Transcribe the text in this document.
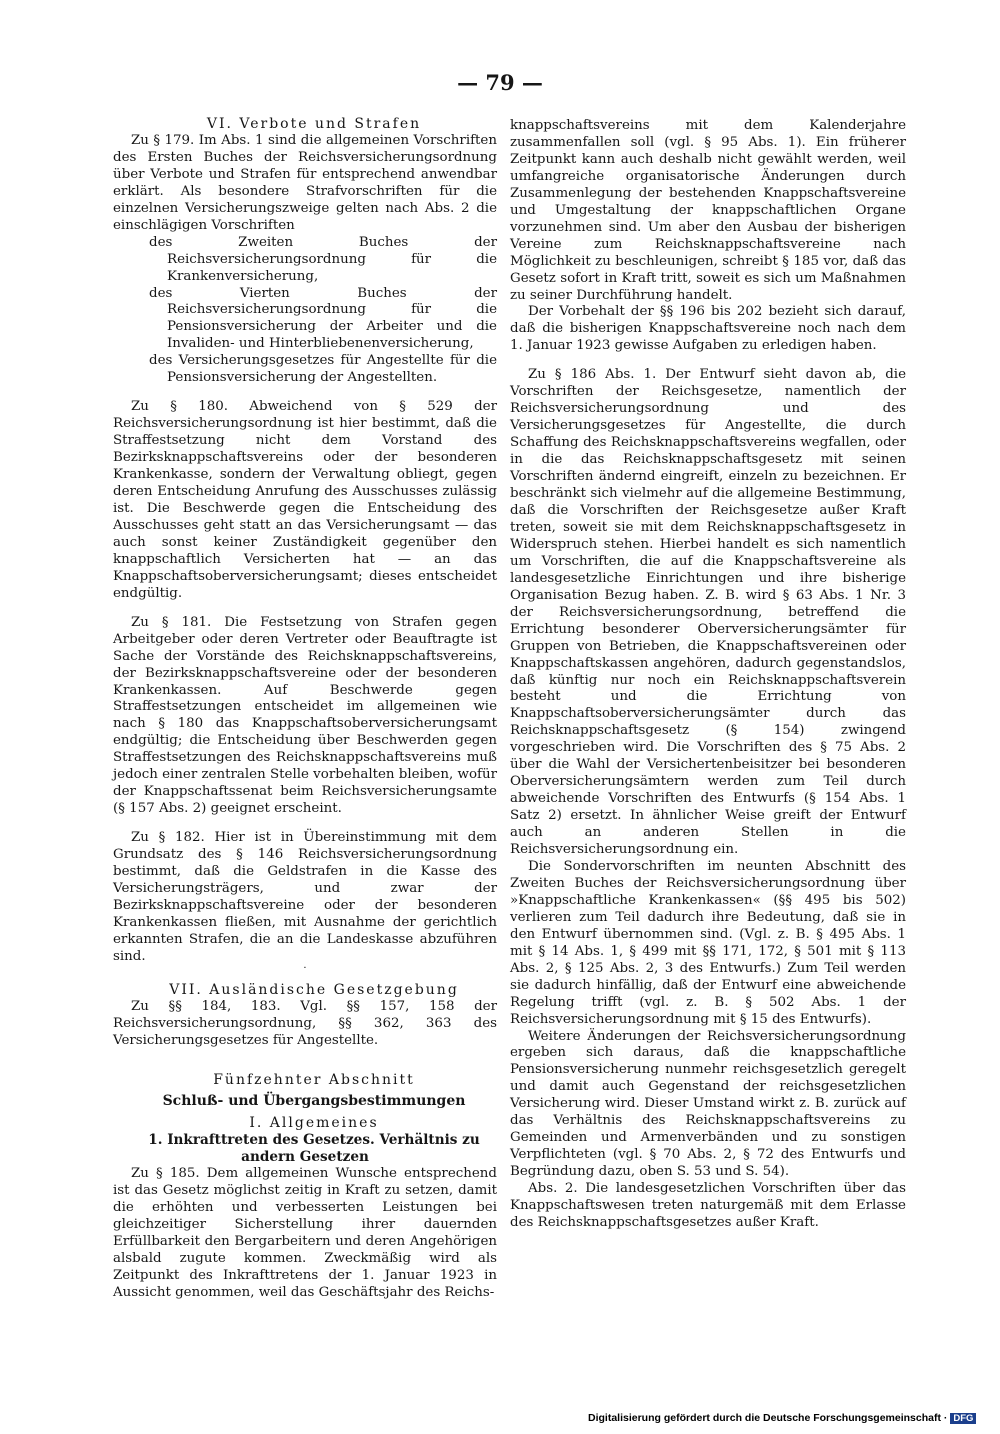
— 79 —

VI. Verbote und Strafen

Zu § 179. Im Abs. 1 sind die allgemeinen Vorschriften des Ersten Buches der Reichsversicherungsordnung über Verbote und Strafen für entsprechend anwendbar erklärt. Als besondere Strafvorschriften für die einzelnen Versicherungszweige gelten nach Abs. 2 die einschlägigen Vorschriften

des Zweiten Buches der Reichsversicherungsordnung für die Krankenversicherung,

des Vierten Buches der Reichsversicherungsordnung für die Pensionsversicherung der Arbeiter und die Invaliden- und Hinterbliebenenversicherung,

des Versicherungsgesetzes für Angestellte für die Pensionsversicherung der Angestellten.

Zu § 180. Abweichend von § 529 der Reichsversicherungsordnung ist hier bestimmt, daß die Straffestsetzung nicht dem Vorstand des Bezirksknappschaftsvereins oder der besonderen Krankenkasse, sondern der Verwaltung obliegt, gegen deren Entscheidung Anrufung des Ausschusses zulässig ist. Die Beschwerde gegen die Entscheidung des Ausschusses geht statt an das Versicherungsamt — das auch sonst keiner Zuständigkeit gegenüber den knappschaftlich Versicherten hat — an das Knappschaftsoberversicherungsamt; dieses entscheidet endgültig.

Zu § 181. Die Festsetzung von Strafen gegen Arbeitgeber oder deren Vertreter oder Beauftragte ist Sache der Vorstände des Reichsknappschaftsvereins, der Bezirksknappschaftsvereine oder der besonderen Krankenkassen. Auf Beschwerde gegen Straffestsetzungen entscheidet im allgemeinen wie nach § 180 das Knappschaftsoberversicherungsamt endgültig; die Entscheidung über Beschwerden gegen Straffestsetzungen des Reichsknappschaftsvereins muß jedoch einer zentralen Stelle vorbehalten bleiben, wofür der Knappschaftssenat beim Reichsversicherungsamte (§ 157 Abs. 2) geeignet erscheint.

Zu § 182. Hier ist in Übereinstimmung mit dem Grundsatz des § 146 Reichsversicherungsordnung bestimmt, daß die Geldstrafen in die Kasse des Versicherungsträgers, und zwar der Bezirksknappschaftsvereine oder der besonderen Krankenkassen fließen, mit Ausnahme der gerichtlich erkannten Strafen, die an die Landeskasse abzuführen sind.

·

VII. Ausländische Gesetzgebung

Zu §§ 184, 183. Vgl. §§ 157, 158 der Reichsversicherungsordnung, §§ 362, 363 des Versicherungsgesetzes für Angestellte.

Fünfzehnter Abschnitt

Schluß- und Übergangsbestimmungen

I. Allgemeines

1. Inkrafttreten des Gesetzes. Verhältnis zu andern Gesetzen

Zu § 185. Dem allgemeinen Wunsche entsprechend ist das Gesetz möglichst zeitig in Kraft zu setzen, damit die erhöhten und verbesserten Leistungen bei gleichzeitiger Sicherstellung ihrer dauernden Erfüllbarkeit den Bergarbeitern und deren Angehörigen alsbald zugute kommen. Zweckmäßig wird als Zeitpunkt des Inkrafttretens der 1. Januar 1923 in Aussicht genommen, weil das Geschäftsjahr des Reichs-

knappschaftsvereins mit dem Kalenderjahre zusammenfallen soll (vgl. § 95 Abs. 1). Ein früherer Zeitpunkt kann auch deshalb nicht gewählt werden, weil umfangreiche organisatorische Änderungen durch Zusammenlegung der bestehenden Knappschaftsvereine und Umgestaltung der knappschaftlichen Organe vorzunehmen sind. Um aber den Ausbau der bisherigen Vereine zum Reichsknappschaftsvereine nach Möglichkeit zu beschleunigen, schreibt § 185 vor, daß das Gesetz sofort in Kraft tritt, soweit es sich um Maßnahmen zu seiner Durchführung handelt.

Der Vorbehalt der §§ 196 bis 202 bezieht sich darauf, daß die bisherigen Knappschaftsvereine noch nach dem 1. Januar 1923 gewisse Aufgaben zu erledigen haben.

Zu § 186 Abs. 1. Der Entwurf sieht davon ab, die Vorschriften der Reichsgesetze, namentlich der Reichsversicherungsordnung und des Versicherungsgesetzes für Angestellte, die durch Schaffung des Reichsknappschaftsvereins wegfallen, oder in die das Reichsknappschaftsgesetz mit seinen Vorschriften ändernd eingreift, einzeln zu bezeichnen. Er beschränkt sich vielmehr auf die allgemeine Bestimmung, daß die Vorschriften der Reichsgesetze außer Kraft treten, soweit sie mit dem Reichsknappschaftsgesetz in Widerspruch stehen. Hierbei handelt es sich namentlich um Vorschriften, die auf die Knappschaftsvereine als landesgesetzliche Einrichtungen und ihre bisherige Organisation Bezug haben. Z. B. wird § 63 Abs. 1 Nr. 3 der Reichsversicherungsordnung, betreffend die Errichtung besonderer Oberversicherungsämter für Gruppen von Betrieben, die Knappschaftsvereinen oder Knappschaftskassen angehören, dadurch gegenstandslos, daß künftig nur noch ein Reichsknappschaftsverein besteht und die Errichtung von Knappschaftsoberversicherungsämter durch das Reichsknappschaftsgesetz (§ 154) zwingend vorgeschrieben wird. Die Vorschriften des § 75 Abs. 2 über die Wahl der Versichertenbeisitzer bei besonderen Oberversicherungsämtern werden zum Teil durch abweichende Vorschriften des Entwurfs (§ 154 Abs. 1 Satz 2) ersetzt. In ähnlicher Weise greift der Entwurf auch an anderen Stellen in die Reichsversicherungsordnung ein.

Die Sondervorschriften im neunten Abschnitt des Zweiten Buches der Reichsversicherungsordnung über »Knappschaftliche Krankenkassen« (§§ 495 bis 502) verlieren zum Teil dadurch ihre Bedeutung, daß sie in den Entwurf übernommen sind. (Vgl. z. B. § 495 Abs. 1 mit § 14 Abs. 1, § 499 mit §§ 171, 172, § 501 mit § 113 Abs. 2, § 125 Abs. 2, 3 des Entwurfs.) Zum Teil werden sie dadurch hinfällig, daß der Entwurf eine abweichende Regelung trifft (vgl. z. B. § 502 Abs. 1 der Reichsversicherungsordnung mit § 15 des Entwurfs).

Weitere Änderungen der Reichsversicherungsordnung ergeben sich daraus, daß die knappschaftliche Pensionsversicherung nunmehr reichsgesetzlich geregelt und damit auch Gegenstand der reichsgesetzlichen Versicherung wird. Dieser Umstand wirkt z. B. zurück auf das Verhältnis des Reichsknappschaftsvereins zu Gemeinden und Armenverbänden und zu sonstigen Verpflichteten (vgl. § 70 Abs. 2, § 72 des Entwurfs und Begründung dazu, oben S. 53 und S. 54).

Abs. 2. Die landesgesetzlichen Vorschriften über das Knappschaftswesen treten naturgemäß mit dem Erlasse des Reichsknappschaftsgesetzes außer Kraft.

Digitalisierung gefördert durch die Deutsche Forschungsgemeinschaft · DFG
